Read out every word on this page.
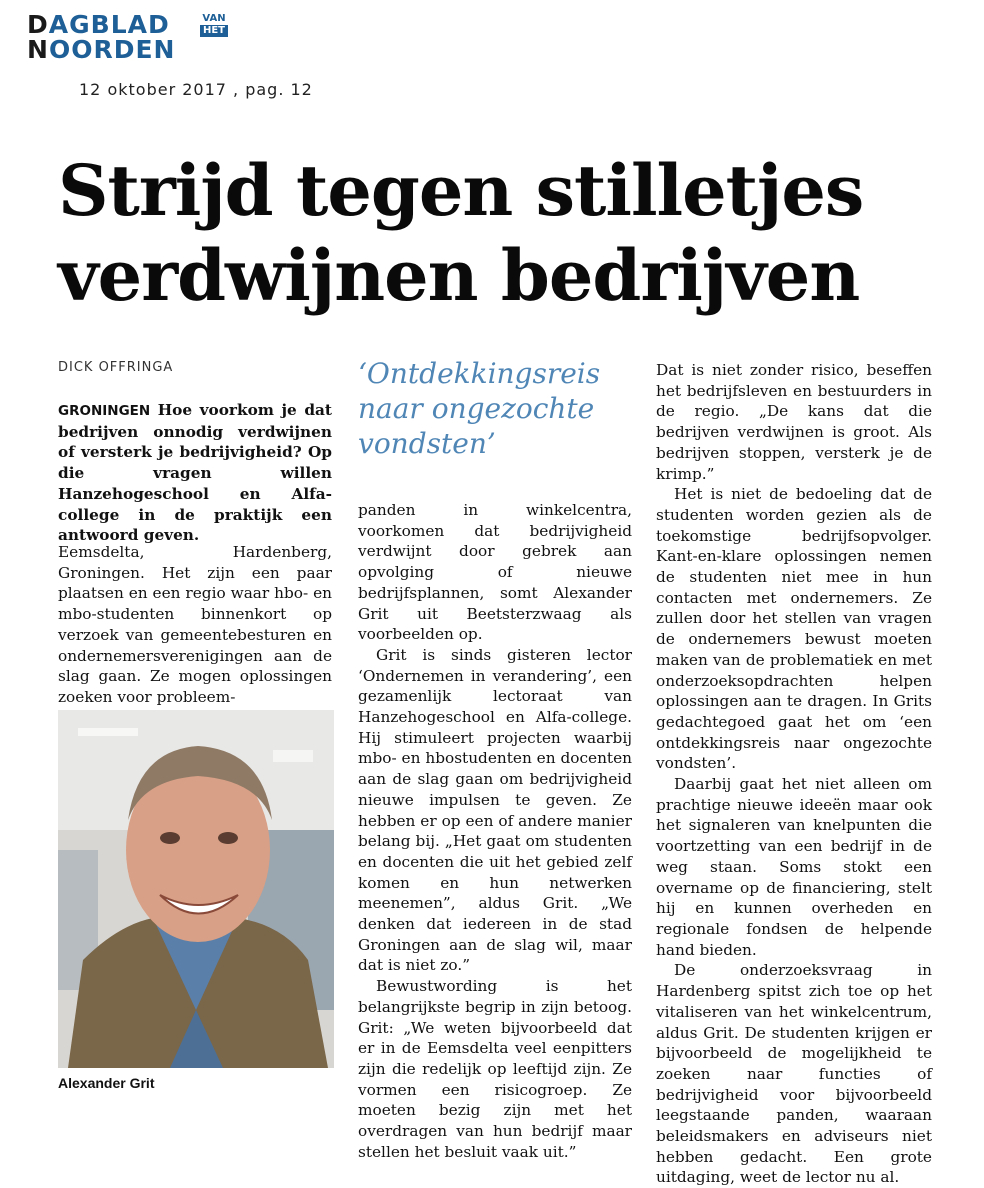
DAGBLAD
NOORDEN
VAN
HET
12 oktober 2017 , pag. 12
Strijd tegen stilletjes verdwijnen bedrijven
DICK OFFRINGA

GRONINGEN Hoe voorkom je dat bedrijven onnodig verdwijnen of versterk je bedrijvigheid? Op die vragen willen Hanzehogeschool en Alfa-college in de praktijk een antwoord geven.

Eemsdelta, Hardenberg, Groningen. Het zijn een paar plaatsen en een regio waar hbo- en mbo-studenten binnenkort op verzoek van gemeentebesturen en ondernemersverenigingen aan de slag gaan. Ze mogen oplossingen zoeken voor probleem-

Alexander Grit
‘Ontdekkingsreis naar ongezochte vondsten’

panden in winkelcentra, voorkomen dat bedrijvigheid verdwijnt door gebrek aan opvolging of nieuwe bedrijfsplannen, somt Alexander Grit uit Beetsterzwaag als voorbeelden op.

Grit is sinds gisteren lector ‘Ondernemen in verandering’, een gezamenlijk lectoraat van Hanzehogeschool en Alfa-college. Hij stimuleert projecten waarbij mbo- en hbostudenten en docenten aan de slag gaan om bedrijvigheid nieuwe impulsen te geven. Ze hebben er op een of andere manier belang bij. „Het gaat om studenten en docenten die uit het gebied zelf komen en hun netwerken meenemen”, aldus Grit. „We denken dat iedereen in de stad Groningen aan de slag wil, maar dat is niet zo.”

Bewustwording is het belangrijkste begrip in zijn betoog. Grit: „We weten bijvoorbeeld dat er in de Eemsdelta veel eenpitters zijn die redelijk op leeftijd zijn. Ze vormen een risicogroep. Ze moeten bezig zijn met het overdragen van hun bedrijf maar stellen het besluit vaak uit.”

Dat is niet zonder risico, beseffen het bedrijfsleven en bestuurders in de regio. „De kans dat die bedrijven verdwijnen is groot. Als bedrijven stoppen, versterk je de krimp.”

Het is niet de bedoeling dat de studenten worden gezien als de toekomstige bedrijfsopvolger. Kant-en-klare oplossingen nemen de studenten niet mee in hun contacten met ondernemers. Ze zullen door het stellen van vragen de ondernemers bewust moeten maken van de problematiek en met onderzoeksopdrachten helpen oplossingen aan te dragen. In Grits gedachtegoed gaat het om ‘een ontdekkingsreis naar ongezochte vondsten’.

Daarbij gaat het niet alleen om prachtige nieuwe ideeën maar ook het signaleren van knelpunten die voortzetting van een bedrijf in de weg staan. Soms stokt een overname op de financiering, stelt hij en kunnen overheden en regionale fondsen de helpende hand bieden.

De onderzoeksvraag in Hardenberg spitst zich toe op het vitaliseren van het winkelcentrum, aldus Grit. De studenten krijgen er bijvoorbeeld de mogelijkheid te zoeken naar functies of bedrijvigheid voor bijvoorbeeld leegstaande panden, waaraan beleidsmakers en adviseurs niet hebben gedacht. Een grote uitdaging, weet de lector nu al.
